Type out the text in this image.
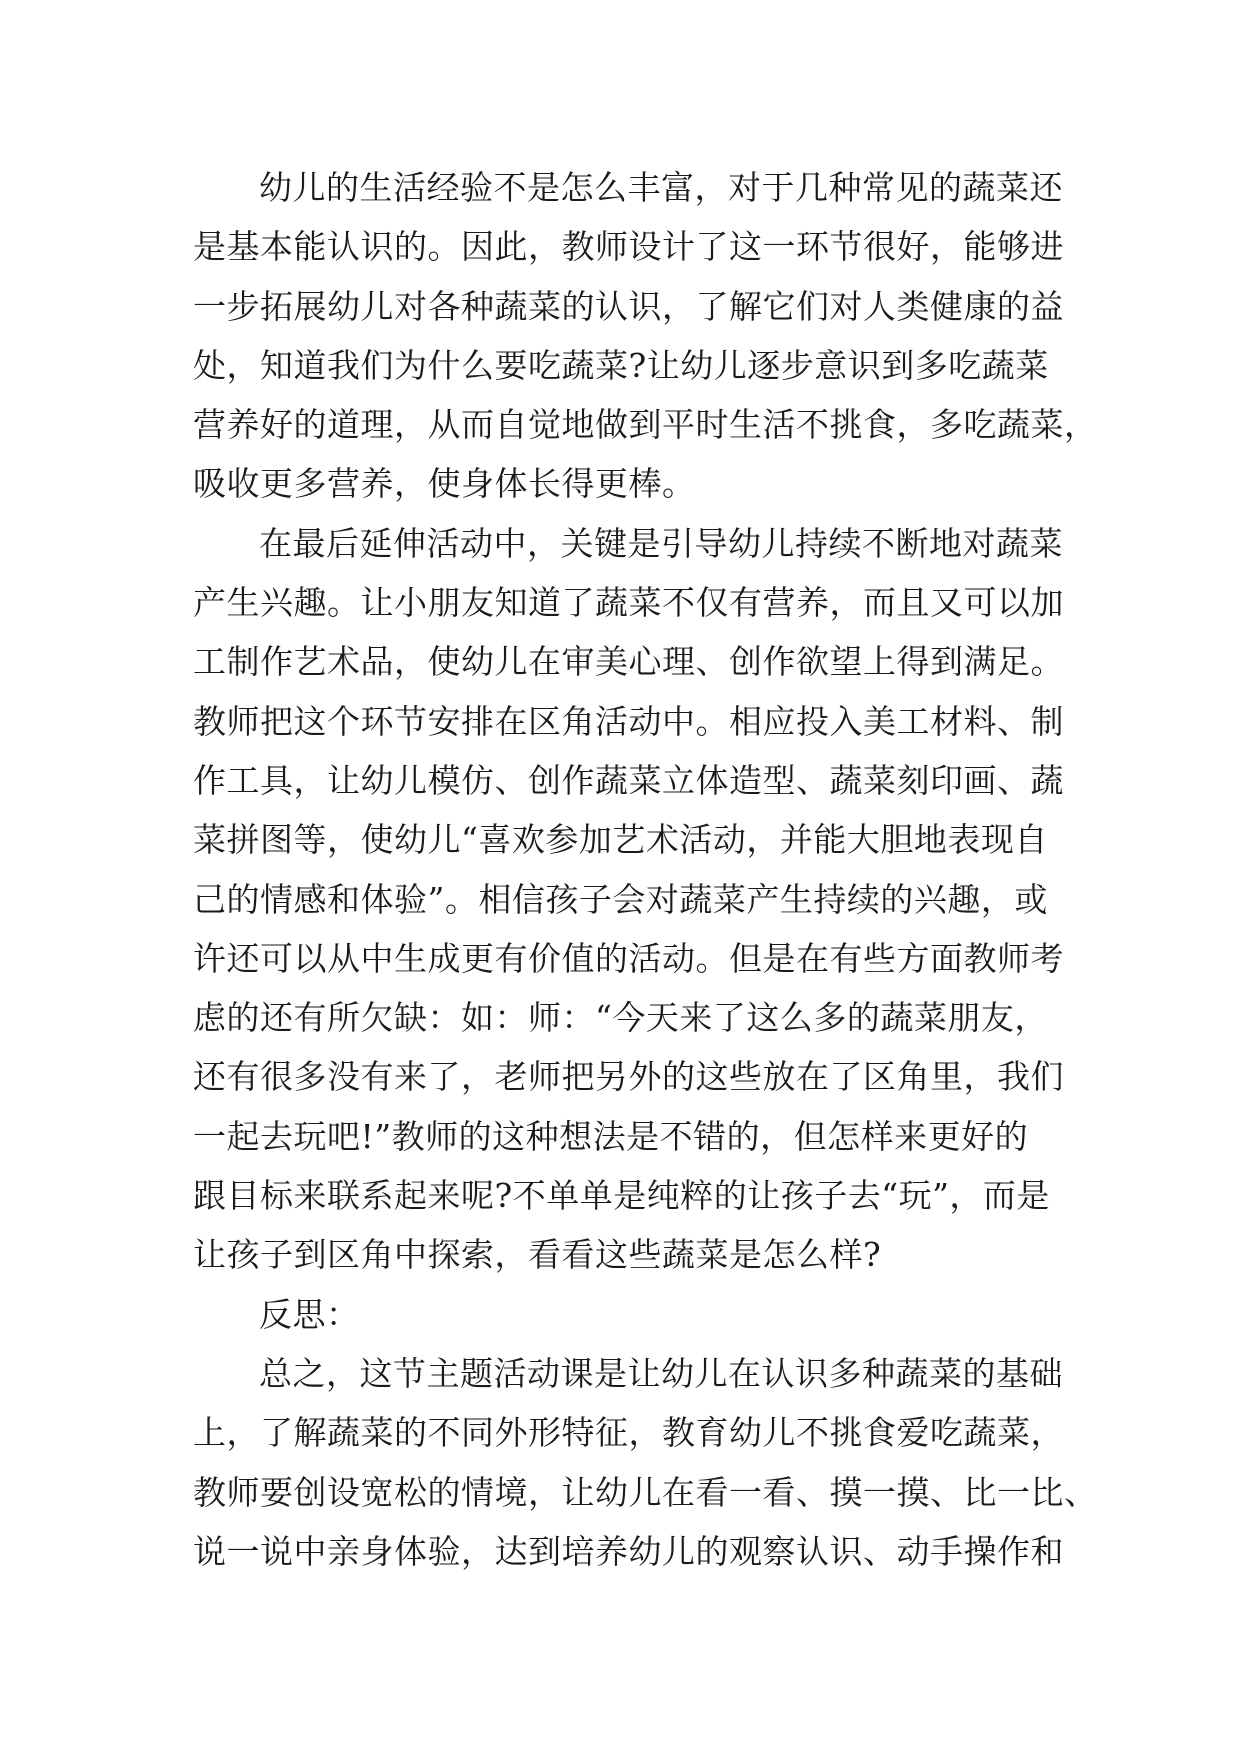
幼儿的生活经验不是怎么丰富，对于几种常见的蔬菜还
是基本能认识的。因此，教师设计了这一环节很好，能够进
一步拓展幼儿对各种蔬菜的认识，了解它们对人类健康的益
处，知道我们为什么要吃蔬菜?让幼儿逐步意识到多吃蔬菜
营养好的道理，从而自觉地做到平时生活不挑食，多吃蔬菜，
吸收更多营养，使身体长得更棒。
在最后延伸活动中，关键是引导幼儿持续不断地对蔬菜
产生兴趣。让小朋友知道了蔬菜不仅有营养，而且又可以加
工制作艺术品，使幼儿在审美心理、创作欲望上得到满足。
教师把这个环节安排在区角活动中。相应投入美工材料、制
作工具，让幼儿模仿、创作蔬菜立体造型、蔬菜刻印画、蔬
菜拼图等，使幼儿“喜欢参加艺术活动，并能大胆地表现自
己的情感和体验”。相信孩子会对蔬菜产生持续的兴趣，或
许还可以从中生成更有价值的活动。但是在有些方面教师考
虑的还有所欠缺：如：师：“今天来了这么多的蔬菜朋友，
还有很多没有来了，老师把另外的这些放在了区角里，我们
一起去玩吧!”教师的这种想法是不错的，但怎样来更好的
跟目标来联系起来呢?不单单是纯粹的让孩子去“玩”，而是
让孩子到区角中探索，看看这些蔬菜是怎么样?
反思：
总之，这节主题活动课是让幼儿在认识多种蔬菜的基础
上，了解蔬菜的不同外形特征，教育幼儿不挑食爱吃蔬菜，
教师要创设宽松的情境，让幼儿在看一看、摸一摸、比一比、
说一说中亲身体验，达到培养幼儿的观察认识、动手操作和
